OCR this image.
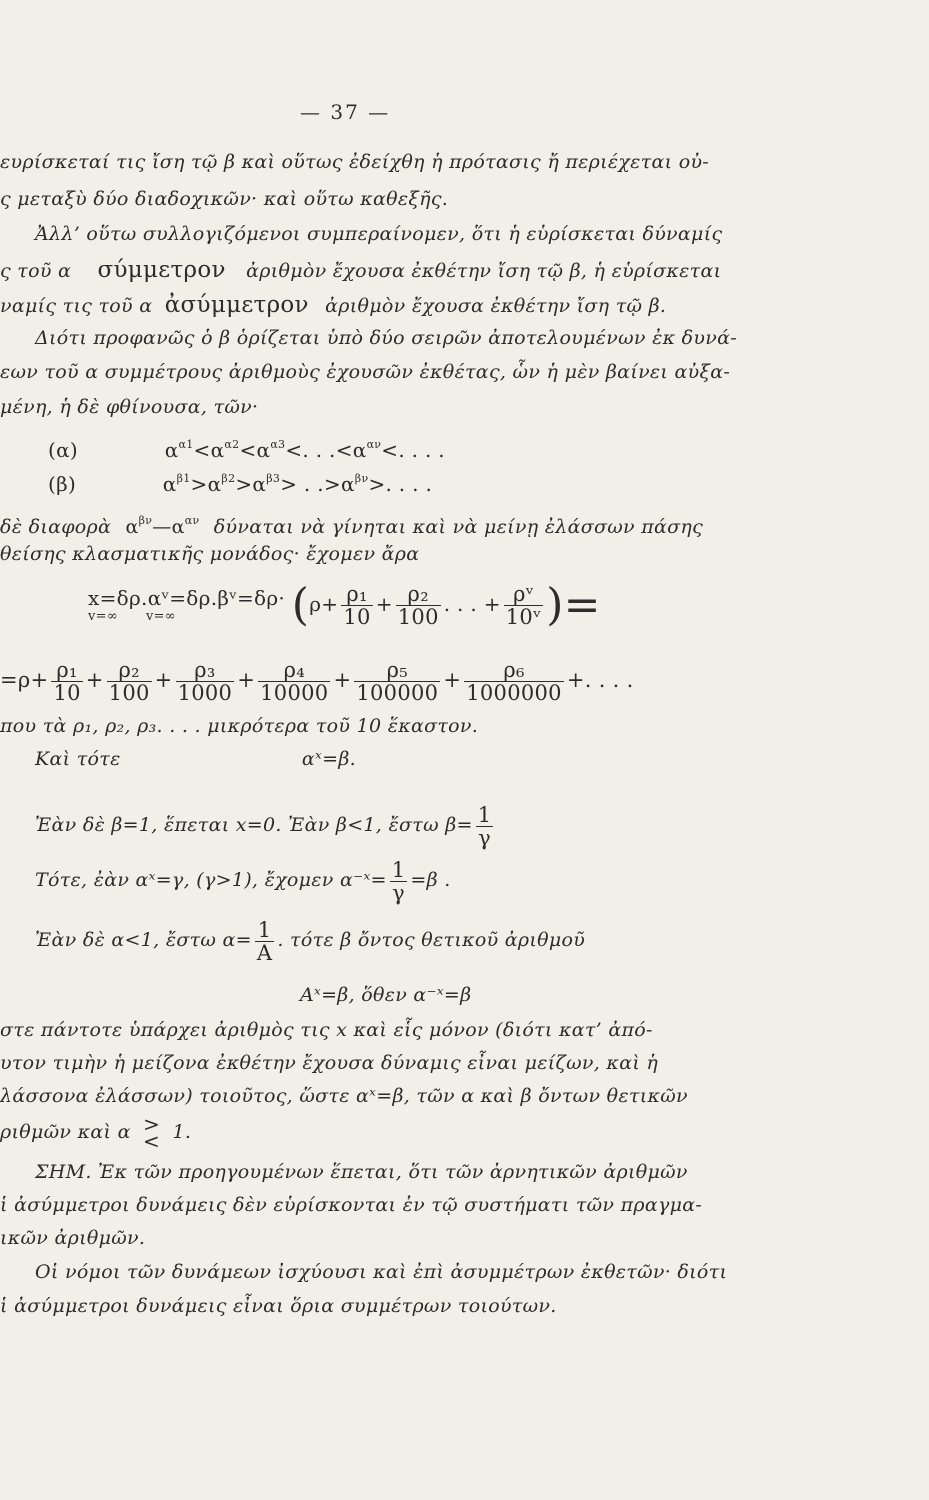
— 37 —
ευρίσκεταί τις ἴση τῷ β καὶ οὕτως ἐδείχθη ἡ πρότασις ἤ περιέχεται οὐ-
ς μεταξὺ δύο διαδοχικῶν· καὶ οὕτω καθεξῆς.
Ἀλλ’ οὕτω συλλογιζόμενοι συμπεραίνομεν, ὅτι ἡ εὑρίσκεται δύναμίς
ς τοῦ α σύμμετρον ἀριθμὸν ἔχουσα ἐκθέτην ἴση τῷ β, ἡ εὑρίσκεται
ναμίς τις τοῦ α ἀσύμμετρον ἀριθμὸν ἔχουσα ἐκθέτην ἴση τῷ β.
Διότι προφανῶς ὁ β ὁρίζεται ὑπὸ δύο σειρῶν ἀποτελουμένων ἐκ δυνά-
εων τοῦ α συμμέτρους ἀριθμοὺς ἐχουσῶν ἐκθέτας, ὧν ἡ μὲν βαίνει αὐξα-
μένη, ἡ δὲ φθίνουσα, τῶν·
(α)	$\alpha^{\alpha 1}<\alpha^{\alpha 2}<\alpha^{\alpha 3}<$. . $.<\alpha^{\alpha\nu}<$. . . .
(β)	$\alpha^{\beta 1}>\alpha^{\beta 2}>\alpha^{\beta 3}>$ . $.>\alpha^{\beta\nu}>$. . . .
δὲ διαφορὰ $\alpha^{\beta\nu}—\alpha^{\alpha\nu}$ δύναται νὰ γίνηται καὶ νὰ μείνῃ ἐλάσσων πάσης
θείσης κλασματικῆς μονάδος· ἔχομεν ἄρα
x=δρ.αᵛ=δρ.βᵛ=δρ·
v=∞ v=∞	($\rho+ \frac{\text{ρ₁}}{10} + \frac{\text{ρ₂}}{100}$ . . . + $\frac{\text{ρᵛ}}{\text{10ᵛ}}$ )=
$=\rho+ \frac{\text{ρ₁}}{10} + \frac{\text{ρ₂}}{100} + \frac{\text{ρ₃}}{1000} + \frac{\text{ρ₄}}{10000} + \frac{\text{ρ₅}}{100000} + \frac{\text{ρ₆}}{1000000}$ +. . . .
που τὰ ρ₁, ρ₂, ρ₃. . . . μικρότερα τοῦ 10 ἕκαστον.
Καὶ τότε	αˣ=β.
Ἐὰν δὲ β=1, ἕπεται x=0. Ἐὰν β<1, ἔστω $\beta= \frac{1}{\gamma}$
Τότε, ἐὰν αˣ=γ, (γ>1), ἔχομεν α⁻ˣ= $\frac{1}{\gamma} =\beta$ .
Ἐὰν δὲ α<1, ἔστω $\alpha= \frac{1}{A}$ . τότε β ὄντος θετικοῦ ἀριθμοῦ
Αˣ=β, ὅθεν α⁻ˣ=β
στε πάντοτε ὑπάρχει ἀριθμὸς τις x καὶ εἷς μόνον (διότι κατ’ ἀπό-
υτον τιμὴν ἡ μείζονα ἐκθέτην ἔχουσα δύναμις εἶναι μείζων, καὶ ἡ
λάσσονα ἐλάσσων) τοιοῦτος, ὥστε αˣ=β, τῶν α καὶ β ὄντων θετικῶν
ριθμῶν καὶ α >
< 1.
ΣΗΜ. Ἐκ τῶν προηγουμένων ἕπεται, ὅτι τῶν ἀρνητικῶν ἀριθμῶν
ἱ ἀσύμμετροι δυνάμεις δὲν εὑρίσκονται ἐν τῷ συστήματι τῶν πραγμα-
ικῶν ἀριθμῶν.
Οἱ νόμοι τῶν δυνάμεων ἰσχύουσι καὶ ἐπὶ ἀσυμμέτρων ἐκθετῶν· διότι
ἱ ἀσύμμετροι δυνάμεις εἶναι ὅρια συμμέτρων τοιούτων.
